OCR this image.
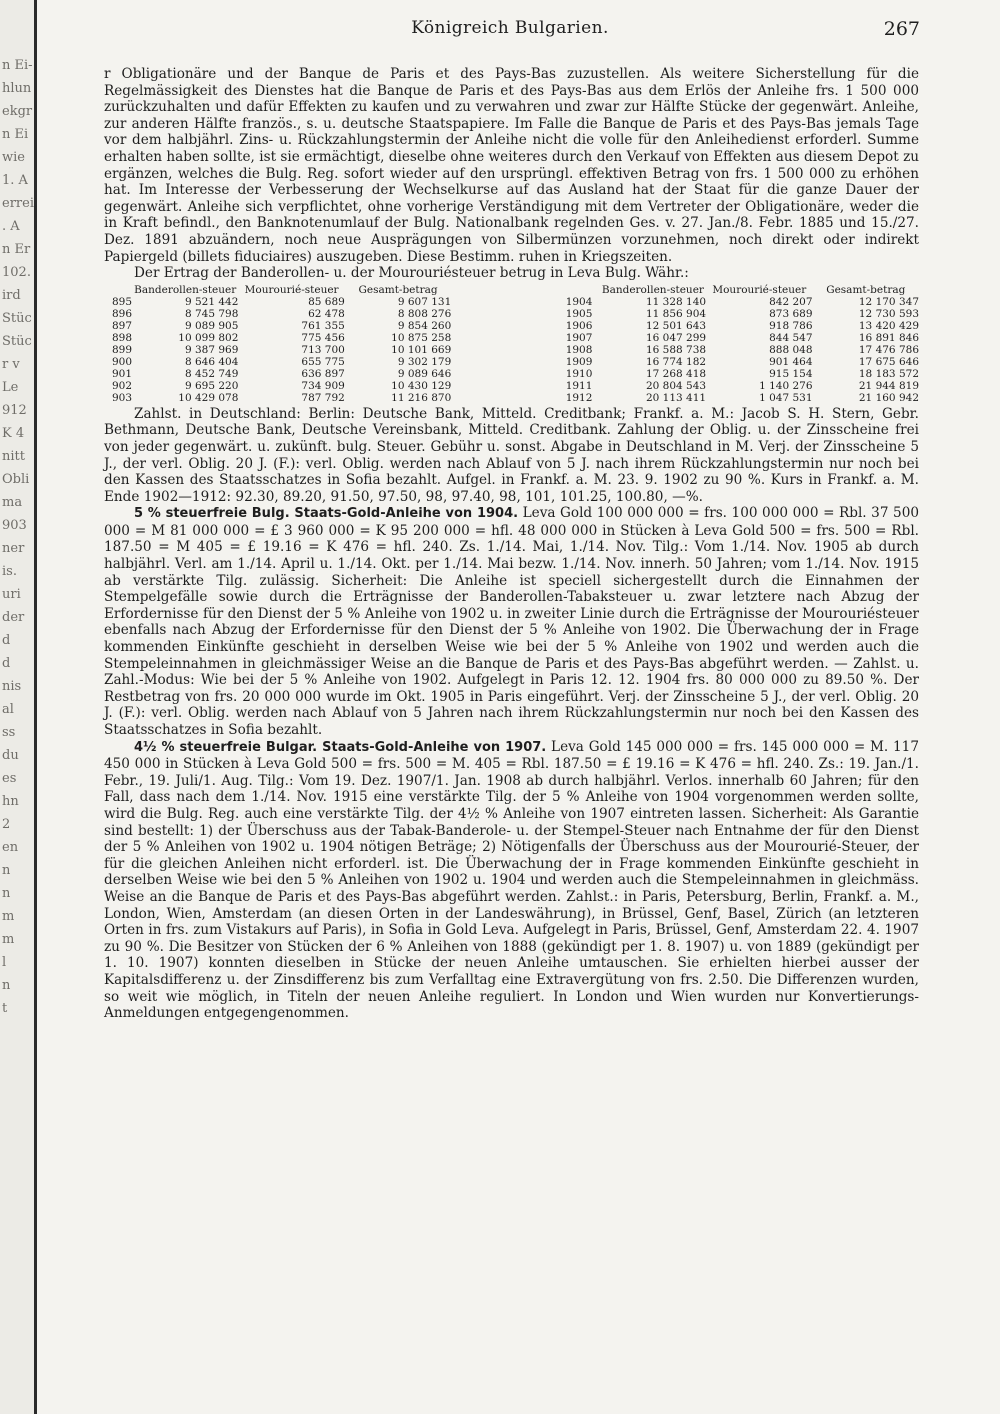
n Ei-
hlun
ekgr
n Ei
wie
1. A
errei
. A
n Er
102.
ird
Stüc
Stüc
r v
Le
912
K 4
nitt
Obli
ma
903
ner
is.
uri
der
d
d
nis
al
ss
du
es
hn
2
en
n
n
m
m
l
n
t
Königreich Bulgarien.	267

r Obligationäre und der Banque de Paris et des Pays-Bas zuzustellen. Als weitere Sicherstellung für die Regelmässigkeit des Dienstes hat die Banque de Paris et des Pays-Bas aus dem Erlös der Anleihe frs. 1 500 000 zurückzuhalten und dafür Effekten zu kaufen und zu verwahren und zwar zur Hälfte Stücke der gegenwärt. Anleihe, zur anderen Hälfte französ., s. u. deutsche Staatspapiere. Im Falle die Banque de Paris et des Pays-Bas jemals Tage vor dem halbjährl. Zins- u. Rückzahlungstermin der Anleihe nicht die volle für den Anleihedienst erforderl. Summe erhalten haben sollte, ist sie ermächtigt, dieselbe ohne weiteres durch den Verkauf von Effekten aus diesem Depot zu ergänzen, welches die Bulg. Reg. sofort wieder auf den ursprüngl. effektiven Betrag von frs. 1 500 000 zu erhöhen hat. Im Interesse der Verbesserung der Wechselkurse auf das Ausland hat der Staat für die ganze Dauer der gegenwärt. Anleihe sich verpflichtet, ohne vorherige Verständigung mit dem Vertreter der Obligationäre, weder die in Kraft befindl., den Banknotenumlauf der Bulg. Nationalbank regelnden Ges. v. 27. Jan./8. Febr. 1885 und 15./27. Dez. 1891 abzuändern, noch neue Ausprägungen von Silbermünzen vorzunehmen, noch direkt oder indirekt Papiergeld (billets fiduciaires) auszugeben. Diese Bestimm. ruhen in Kriegszeiten.

Der Ertrag der Banderollen- u. der Mourouriésteuer betrug in Leva Bulg. Währ.:

	Banderollen-steuer	Mourourié-steuer	Gesamt-betrag			Banderollen-steuer	Mourourié-steuer	Gesamt-betrag
895	9 521 442	85 689	9 607 131		1904	11 328 140	842 207	12 170 347
896	8 745 798	62 478	8 808 276		1905	11 856 904	873 689	12 730 593
897	9 089 905	761 355	9 854 260		1906	12 501 643	918 786	13 420 429
898	10 099 802	775 456	10 875 258		1907	16 047 299	844 547	16 891 846
899	9 387 969	713 700	10 101 669		1908	16 588 738	888 048	17 476 786
900	8 646 404	655 775	9 302 179		1909	16 774 182	901 464	17 675 646
901	8 452 749	636 897	9 089 646		1910	17 268 418	915 154	18 183 572
902	9 695 220	734 909	10 430 129		1911	20 804 543	1 140 276	21 944 819
903	10 429 078	787 792	11 216 870		1912	20 113 411	1 047 531	21 160 942

Zahlst. in Deutschland: Berlin: Deutsche Bank, Mitteld. Creditbank; Frankf. a. M.: Jacob S. H. Stern, Gebr. Bethmann, Deutsche Bank, Deutsche Vereinsbank, Mitteld. Creditbank. Zahlung der Oblig. u. der Zinsscheine frei von jeder gegenwärt. u. zukünft. bulg. Steuer. Gebühr u. sonst. Abgabe in Deutschland in M. Verj. der Zinsscheine 5 J., der verl. Oblig. 20 J. (F.): verl. Oblig. werden nach Ablauf von 5 J. nach ihrem Rückzahlungstermin nur noch bei den Kassen des Staatsschatzes in Sofia bezahlt. Aufgel. in Frankf. a. M. 23. 9. 1902 zu 90 %. Kurs in Frankf. a. M. Ende 1902—1912: 92.30, 89.20, 91.50, 97.50, 98, 97.40, 98, 101, 101.25, 100.80, —%.

5 % steuerfreie Bulg. Staats-Gold-Anleihe von 1904. Leva Gold 100 000 000 = frs. 100 000 000 = Rbl. 37 500 000 = M 81 000 000 = £ 3 960 000 = K 95 200 000 = hfl. 48 000 000 in Stücken à Leva Gold 500 = frs. 500 = Rbl. 187.50 = M 405 = £ 19.16 = K 476 = hfl. 240. Zs. 1./14. Mai, 1./14. Nov. Tilg.: Vom 1./14. Nov. 1905 ab durch halbjährl. Verl. am 1./14. April u. 1./14. Okt. per 1./14. Mai bezw. 1./14. Nov. innerh. 50 Jahren; vom 1./14. Nov. 1915 ab verstärkte Tilg. zulässig. Sicherheit: Die Anleihe ist speciell sichergestellt durch die Einnahmen der Stempelgefälle sowie durch die Erträgnisse der Banderollen-Tabaksteuer u. zwar letztere nach Abzug der Erfordernisse für den Dienst der 5 % Anleihe von 1902 u. in zweiter Linie durch die Erträgnisse der Mourouriésteuer ebenfalls nach Abzug der Erfordernisse für den Dienst der 5 % Anleihe von 1902. Die Überwachung der in Frage kommenden Einkünfte geschieht in derselben Weise wie bei der 5 % Anleihe von 1902 und werden auch die Stempeleinnahmen in gleichmässiger Weise an die Banque de Paris et des Pays-Bas abgeführt werden. — Zahlst. u. Zahl.-Modus: Wie bei der 5 % Anleihe von 1902. Aufgelegt in Paris 12. 12. 1904 frs. 80 000 000 zu 89.50 %. Der Restbetrag von frs. 20 000 000 wurde im Okt. 1905 in Paris eingeführt. Verj. der Zinsscheine 5 J., der verl. Oblig. 20 J. (F.): verl. Oblig. werden nach Ablauf von 5 Jahren nach ihrem Rückzahlungstermin nur noch bei den Kassen des Staatsschatzes in Sofia bezahlt.

4½ % steuerfreie Bulgar. Staats-Gold-Anleihe von 1907. Leva Gold 145 000 000 = frs. 145 000 000 = M. 117 450 000 in Stücken à Leva Gold 500 = frs. 500 = M. 405 = Rbl. 187.50 = £ 19.16 = K 476 = hfl. 240. Zs.: 19. Jan./1. Febr., 19. Juli/1. Aug. Tilg.: Vom 19. Dez. 1907/1. Jan. 1908 ab durch halbjährl. Verlos. innerhalb 60 Jahren; für den Fall, dass nach dem 1./14. Nov. 1915 eine verstärkte Tilg. der 5 % Anleihe von 1904 vorgenommen werden sollte, wird die Bulg. Reg. auch eine verstärkte Tilg. der 4½ % Anleihe von 1907 eintreten lassen. Sicherheit: Als Garantie sind bestellt: 1) der Überschuss aus der Tabak-Banderole- u. der Stempel-Steuer nach Entnahme der für den Dienst der 5 % Anleihen von 1902 u. 1904 nötigen Beträge; 2) Nötigenfalls der Überschuss aus der Mourourié-Steuer, der für die gleichen Anleihen nicht erforderl. ist. Die Überwachung der in Frage kommenden Einkünfte geschieht in derselben Weise wie bei den 5 % Anleihen von 1902 u. 1904 und werden auch die Stempeleinnahmen in gleichmäss. Weise an die Banque de Paris et des Pays-Bas abgeführt werden. Zahlst.: in Paris, Petersburg, Berlin, Frankf. a. M., London, Wien, Amsterdam (an diesen Orten in der Landeswährung), in Brüssel, Genf, Basel, Zürich (an letzteren Orten in frs. zum Vistakurs auf Paris), in Sofia in Gold Leva. Aufgelegt in Paris, Brüssel, Genf, Amsterdam 22. 4. 1907 zu 90 %. Die Besitzer von Stücken der 6 % Anleihen von 1888 (gekündigt per 1. 8. 1907) u. von 1889 (gekündigt per 1. 10. 1907) konnten dieselben in Stücke der neuen Anleihe umtauschen. Sie erhielten hierbei ausser der Kapitalsdifferenz u. der Zinsdifferenz bis zum Verfalltag eine Extravergütung von frs. 2.50. Die Differenzen wurden, so weit wie möglich, in Titeln der neuen Anleihe reguliert. In London und Wien wurden nur Konvertierungs-Anmeldungen entgegengenommen.
